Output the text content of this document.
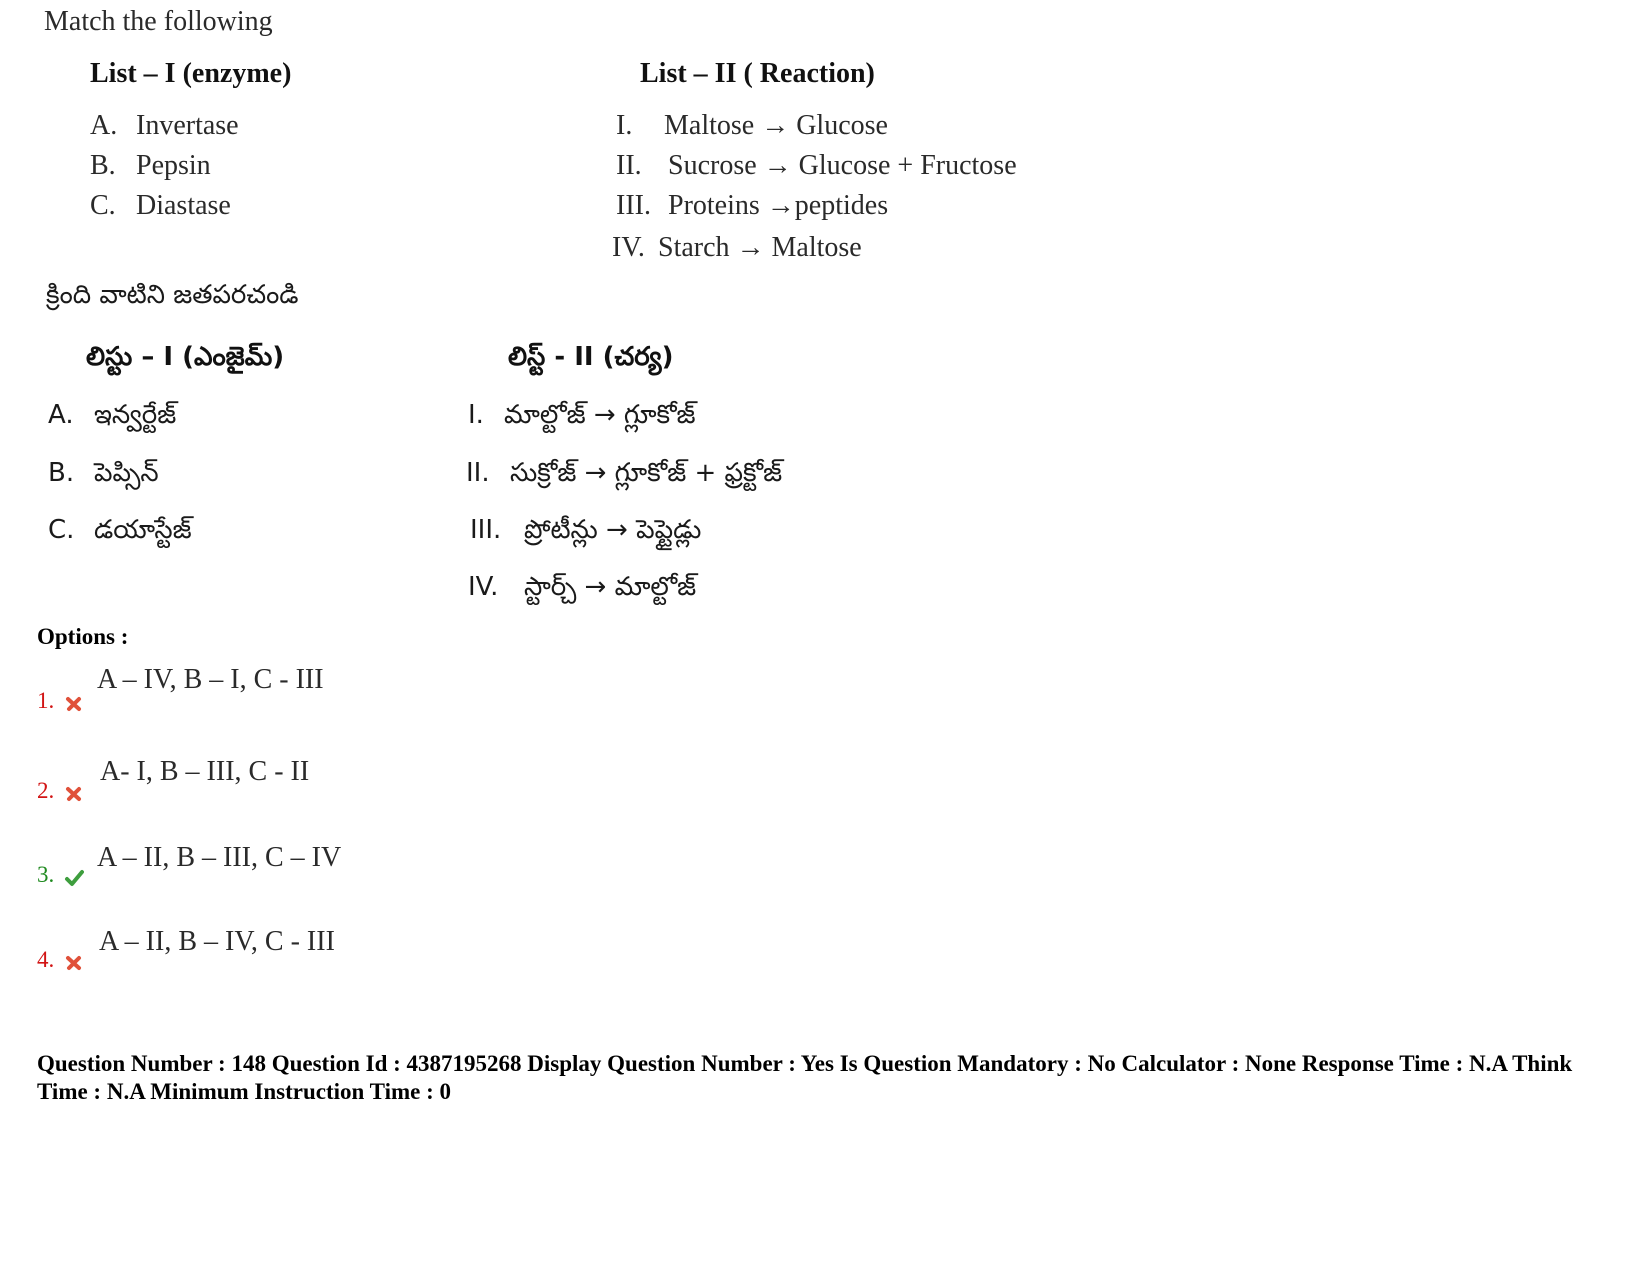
Match the following
List – I (enzyme)	List – II ( Reaction)
A. Invertase
B. Pepsin
C. Diastase
I. Maltose → Glucose
II. Sucrose → Glucose + Fructose
III. Proteins →peptides
IV. Starch → Maltose
క్రింది వాటిని జతపరచండి
లిస్టు – I (ఎంజైమ్)	లిస్ట్ - II (చర్య)
A. ఇన్వర్టేజ్
B. పెప్సిన్
C. డయాస్టేజ్
I. మాల్టోజ్ → గ్లూకోజ్
II. సుక్రోజ్ → గ్లూకోజ్ + ఫ్రక్టోజ్
III. ప్రోటీన్లు → పెప్టైడ్లు
IV. స్టార్చ్ → మాల్టోజ్
Options :
1.
A – IV, B – I, C - III
2.
A- I, B – III, C - II
3.
A – II, B – III, C – IV
4.
A – II, B – IV, C - III
Question Number : 148 Question Id : 4387195268 Display Question Number : Yes Is Question Mandatory : No Calculator : None Response Time : N.A Think Time : N.A Minimum Instruction Time : 0
